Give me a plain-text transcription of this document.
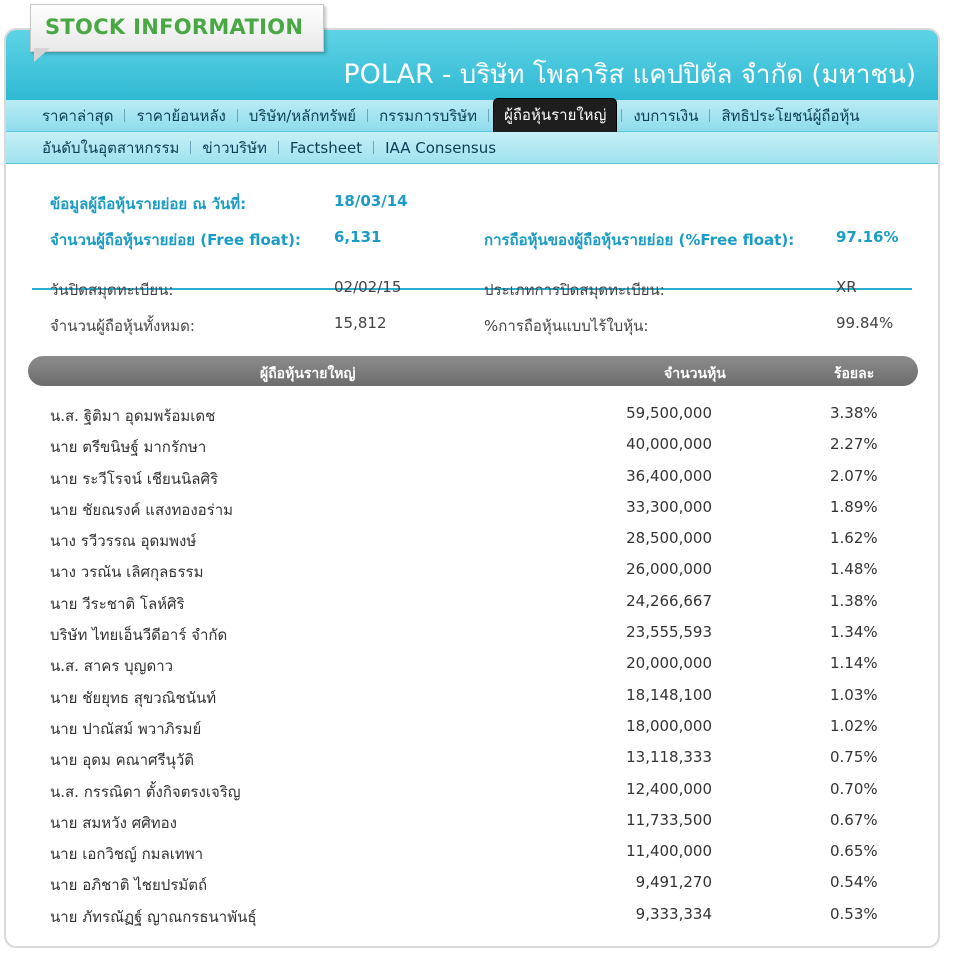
POLAR - บริษัท โพลาริส แคปปิตัล จำกัด (มหาชน)
ราคาล่าสุด	ราคาย้อนหลัง	บริษัท/หลักทรัพย์	กรรมการบริษัท	ผู้ถือหุ้นรายใหญ่	งบการเงิน	สิทธิประโยชน์ผู้ถือหุ้น
อันดับในอุตสาหกรรม	ข่าวบริษัท	Factsheet	IAA Consensus
ข้อมูลผู้ถือหุ้นรายย่อย ณ วันที่:	18/03/14
จำนวนผู้ถือหุ้นรายย่อย (Free float): 6,131	การถือหุ้นของผู้ถือหุ้นรายย่อย (%Free float):	97.16%
วันปิดสมุดทะเบียน:	02/02/15	ประเภทการปิดสมุดทะเบียน:	XR
จำนวนผู้ถือหุ้นทั้งหมด:	15,812	%การถือหุ้นแบบไร้ใบหุ้น:	99.84%
ผู้ถือหุ้นรายใหญ่	จำนวนหุ้น	ร้อยละ
น.ส. ฐิติมา อุดมพร้อมเดช	59,500,000	3.38%
นาย ตรีขนิษฐ์ มากรักษา	40,000,000	2.27%
นาย ระวีโรจน์ เชียนนิลศิริ	36,400,000	2.07%
นาย ชัยณรงค์ แสงทองอร่าม	33,300,000	1.89%
นาง รวีวรรณ อุดมพงษ์	28,500,000	1.62%
นาง วรณัน เลิศกุลธรรม	26,000,000	1.48%
นาย วีระชาติ โลห์ศิริ	24,266,667	1.38%
บริษัท ไทยเอ็นวีดีอาร์ จำกัด	23,555,593	1.34%
น.ส. สาคร บุญดาว	20,000,000	1.14%
นาย ชัยยุทธ สุขวณิชนันท์	18,148,100	1.03%
นาย ปาณัสม์ พวาภิรมย์	18,000,000	1.02%
นาย อุดม คณาศรีนุวัติ	13,118,333	0.75%
น.ส. กรรณิดา ตั้งกิจตรงเจริญ	12,400,000	0.70%
นาย สมหวัง ศศิทอง	11,733,500	0.67%
นาย เอกวิชญ์ กมลเทพา	11,400,000	0.65%
นาย อภิชาติ ไชยปรมัตถ์	9,491,270	0.54%
นาย ภัทรณัฏฐ์ ญาณกรธนาพันธุ์	9,333,334	0.53%
STOCK INFORMATION
